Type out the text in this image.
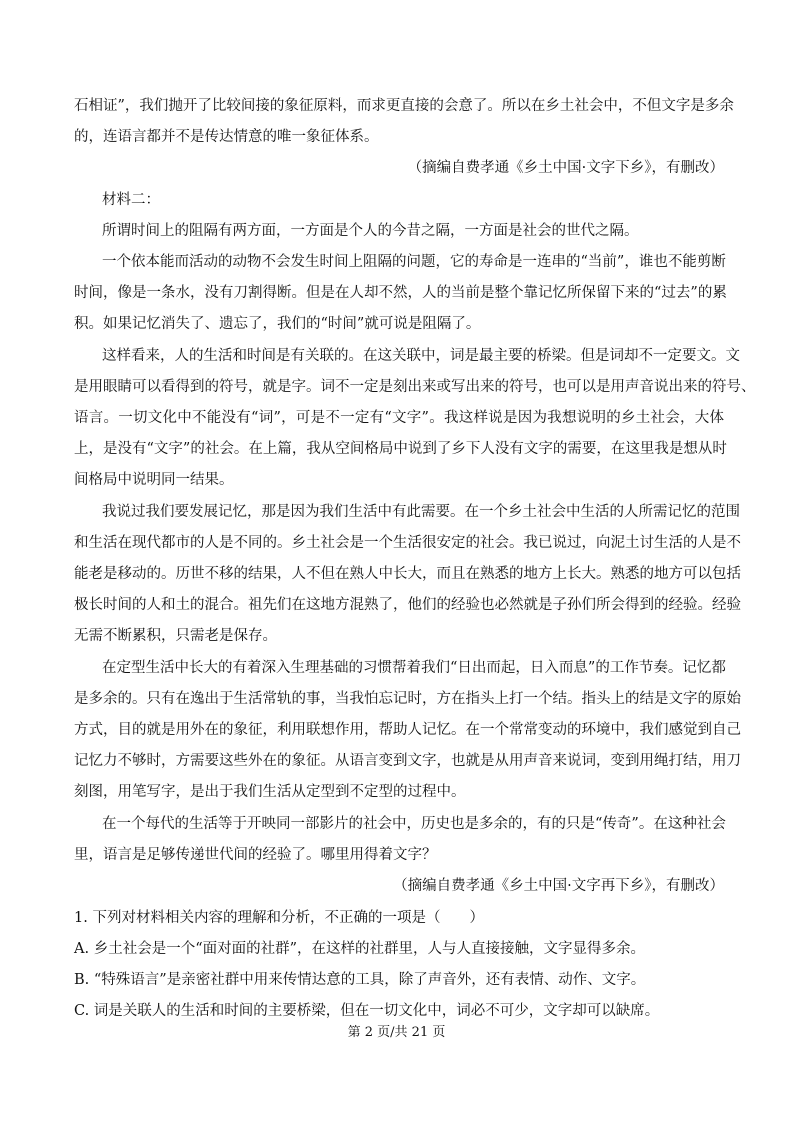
石相证”，我们抛开了比较间接的象征原料，而求更直接的会意了。所以在乡土社会中，不但文字是多余
的，连语言都并不是传达情意的唯一象征体系。
（摘编自费孝通《乡土中国·文字下乡》，有删改）
材料二：
所谓时间上的阻隔有两方面，一方面是个人的今昔之隔，一方面是社会的世代之隔。
一个依本能而活动的动物不会发生时间上阻隔的问题，它的寿命是一连串的“当前”，谁也不能剪断
时间，像是一条水，没有刀割得断。但是在人却不然，人的当前是整个靠记忆所保留下来的“过去”的累
积。如果记忆消失了、遗忘了，我们的“时间”就可说是阻隔了。
这样看来，人的生活和时间是有关联的。在这关联中，词是最主要的桥梁。但是词却不一定要文。文
是用眼睛可以看得到的符号，就是字。词不一定是刻出来或写出来的符号，也可以是用声音说出来的符号、
语言。一切文化中不能没有“词”，可是不一定有“文字”。我这样说是因为我想说明的乡土社会，大体
上，是没有“文字”的社会。在上篇，我从空间格局中说到了乡下人没有文字的需要，在这里我是想从时
间格局中说明同一结果。
我说过我们要发展记忆，那是因为我们生活中有此需要。在一个乡土社会中生活的人所需记忆的范围
和生活在现代都市的人是不同的。乡土社会是一个生活很安定的社会。我已说过，向泥土讨生活的人是不
能老是移动的。历世不移的结果，人不但在熟人中长大，而且在熟悉的地方上长大。熟悉的地方可以包括
极长时间的人和土的混合。祖先们在这地方混熟了，他们的经验也必然就是子孙们所会得到的经验。经验
无需不断累积，只需老是保存。
在定型生活中长大的有着深入生理基础的习惯帮着我们“日出而起，日入而息”的工作节奏。记忆都
是多余的。只有在逸出于生活常轨的事，当我怕忘记时，方在指头上打一个结。指头上的结是文字的原始
方式，目的就是用外在的象征，利用联想作用，帮助人记忆。在一个常常变动的环境中，我们感觉到自己
记忆力不够时，方需要这些外在的象征。从语言变到文字，也就是从用声音来说词，变到用绳打结，用刀
刻图，用笔写字，是出于我们生活从定型到不定型的过程中。
在一个每代的生活等于开映同一部影片的社会中，历史也是多余的，有的只是“传奇”。在这种社会
里，语言是足够传递世代间的经验了。哪里用得着文字？
（摘编自费孝通《乡土中国·文字再下乡》，有删改）
1. 下列对材料相关内容的理解和分析，不正确的一项是（　　）
A. 乡土社会是一个“面对面的社群”，在这样的社群里，人与人直接接触，文字显得多余。
B. “特殊语言”是亲密社群中用来传情达意的工具，除了声音外，还有表情、动作、文字。
C. 词是关联人的生活和时间的主要桥梁，但在一切文化中，词必不可少，文字却可以缺席。
第 2 页/共 21 页
